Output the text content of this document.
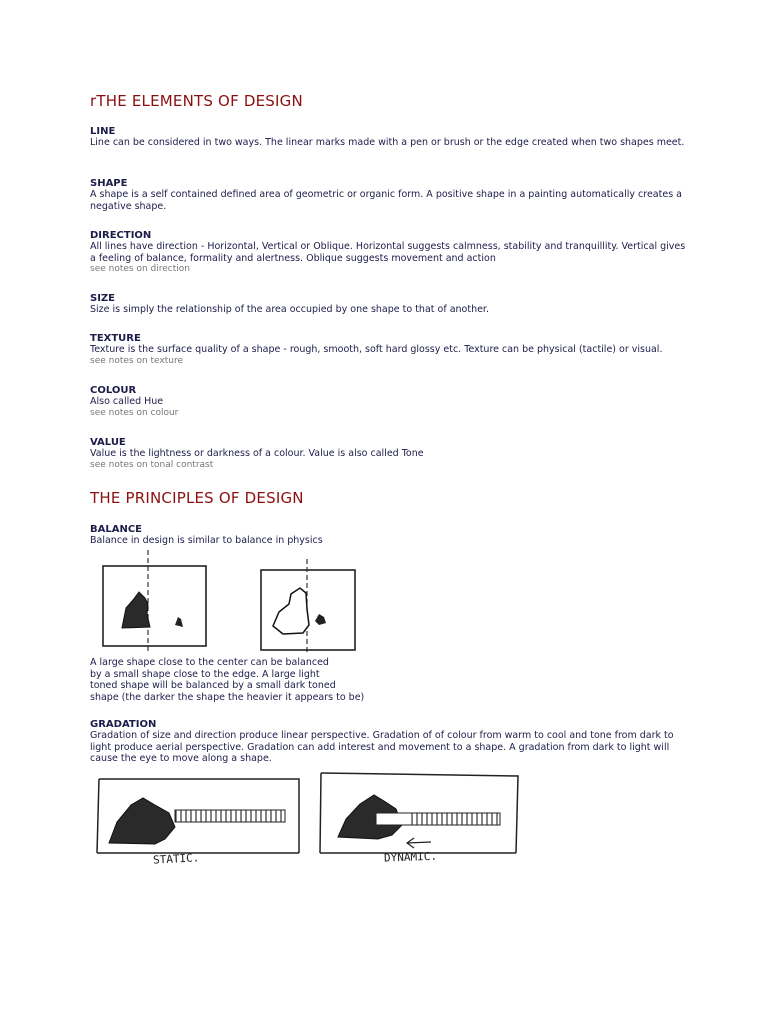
rTHE ELEMENTS OF DESIGN
LINE
Line can be considered in two ways. The linear marks made with a pen or brush or the edge created when two shapes meet.
SHAPE
A shape is a self contained defined area of geometric or organic form. A positive shape in a painting automatically creates a negative shape.
DIRECTION
All lines have direction - Horizontal, Vertical or Oblique. Horizontal suggests calmness, stability and tranquillity. Vertical gives a feeling of balance, formality and alertness. Oblique suggests movement and action
see notes on direction
SIZE
Size is simply the relationship of the area occupied by one shape to that of another.
TEXTURE
Texture is the surface quality of a shape - rough, smooth, soft hard glossy etc. Texture can be physical (tactile) or visual.
see notes on texture
COLOUR
Also called Hue
see notes on colour
VALUE
Value is the lightness or darkness of a colour. Value is also called Tone
see notes on tonal contrast
THE PRINCIPLES OF DESIGN
BALANCE
Balance in design is similar to balance in physics
A large shape close to the center can be balanced
by a small shape close to the edge. A large light
toned shape will be balanced by a small dark toned
shape (the darker the shape the heavier it appears to be)
GRADATION
Gradation of size and direction produce linear perspective. Gradation of of colour from warm to cool and tone from dark to light produce aerial perspective. Gradation can add interest and movement to a shape. A gradation from dark to light will cause the eye to move along a shape.
STATIC.	DYNAMIC.
